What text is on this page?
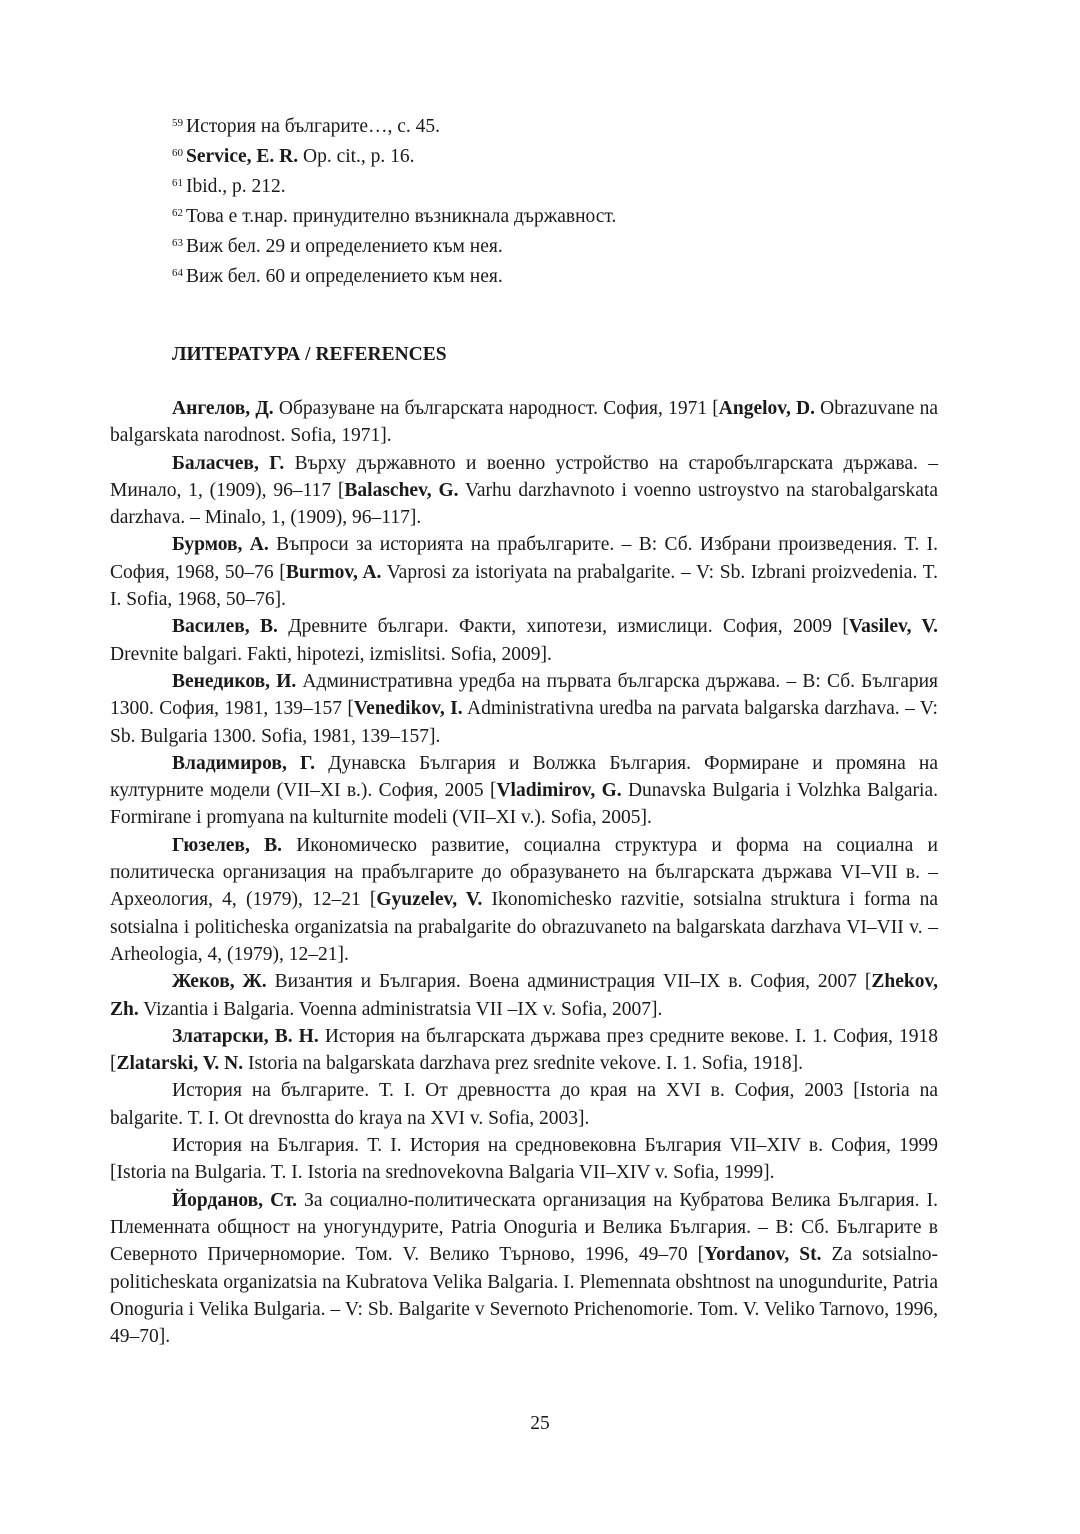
$^{59}$ История на българите…, с. 45.
$^{60}$ Service, E. R. Op. cit., p. 16.
$^{61}$ Ibid., p. 212.
$^{62}$ Това е т.нар. принудително възникнала държавност.
$^{63}$ Виж бел. 29 и определението към нея.
$^{64}$ Виж бел. 60 и определението към нея.
ЛИТЕРАТУРА / REFERENCES
Ангелов, Д. Образуване на българската народност. София, 1971 [Angelov, D. Obrazuvane na balgarskata narodnost. Sofia, 1971].
Баласчев, Г. Върху държавното и военно устройство на старобългарската държава. – Минало, 1, (1909), 96–117 [Balaschev, G. Varhu darzhavnoto i voenno ustroystvo na starobalgarskata darzhava. – Minalo, 1, (1909), 96–117].
Бурмов, А. Въпроси за историята на прабългарите. – В: Сб. Избрани произведения. Т. I. София, 1968, 50–76 [Burmov, A. Vaprosi za istoriyata na prabalgarite. – V: Sb. Izbrani proizvedenia. T. I. Sofia, 1968, 50–76].
Василев, В. Древните българи. Факти, хипотези, измислици. София, 2009 [Vasilev, V. Drevnite balgari. Fakti, hipotezi, izmislitsi. Sofia, 2009].
Венедиков, И. Административна уредба на първата българска държава. – В: Сб. България 1300. София, 1981, 139–157 [Venedikov, I. Administrativna uredba na parvata balgarska darzhava. – V: Sb. Bulgaria 1300. Sofia, 1981, 139–157].
Владимиров, Г. Дунавска България и Волжка България. Формиране и промяна на културните модели (VII–XI в.). София, 2005 [Vladimirov, G. Dunavska Bulgaria i Volzhka Balgaria. Formirane i promyana na kulturnite modeli (VII–XI v.). Sofia, 2005].
Гюзелев, В. Икономическо развитие, социална структура и форма на социална и политическа организация на прабългарите до образуването на българската държава VI–VII в. – Археология, 4, (1979), 12–21 [Gyuzelev, V. Ikonomichesko razvitie, sotsialna struktura i forma na sotsialna i politicheska organizatsia na prabalgarite do obrazuvaneto na balgarskata darzhava VI–VII v. – Arheologia, 4, (1979), 12–21].
Жеков, Ж. Византия и България. Военa администрация VII–IX в. София, 2007 [Zhekov, Zh. Vizantia i Balgaria. Voenna administratsia VII –IX v. Sofia, 2007].
Златарски, В. Н. История на българската държава през средните векове. I. 1. София, 1918 [Zlatarski, V. N. Istoria na balgarskata darzhava prez srednite vekove. I. 1. Sofia, 1918].
История на българите. Т. I. От древността до края на XVI в. София, 2003 [Istoria na balgarite. T. I. Ot drevnostta do kraya na XVI v. Sofia, 2003].
История на България. Т. I. История на средновековна България VII–XIV в. София, 1999 [Istoria na Bulgaria. T. I. Istoria na srednovekovna Balgaria VII–XIV v. Sofia, 1999].
Йорданов, Ст. За социално-политическата организация на Кубратова Велика България. I. Племенната общност на уногундурите, Patria Onoguria и Велика България. – В: Сб. Българите в Северното Причерноморие. Том. V. Велико Търново, 1996, 49–70 [Yordanov, St. Za sotsialno-politicheskata organizatsia na Kubratova Velika Balgaria. I. Plemennata obshtnost na unogundurite, Patria Onoguria i Velika Bulgaria. – V: Sb. Balgarite v Severnoto Prichenomorie. Tom. V. Veliko Tarnovo, 1996, 49–70].
25
